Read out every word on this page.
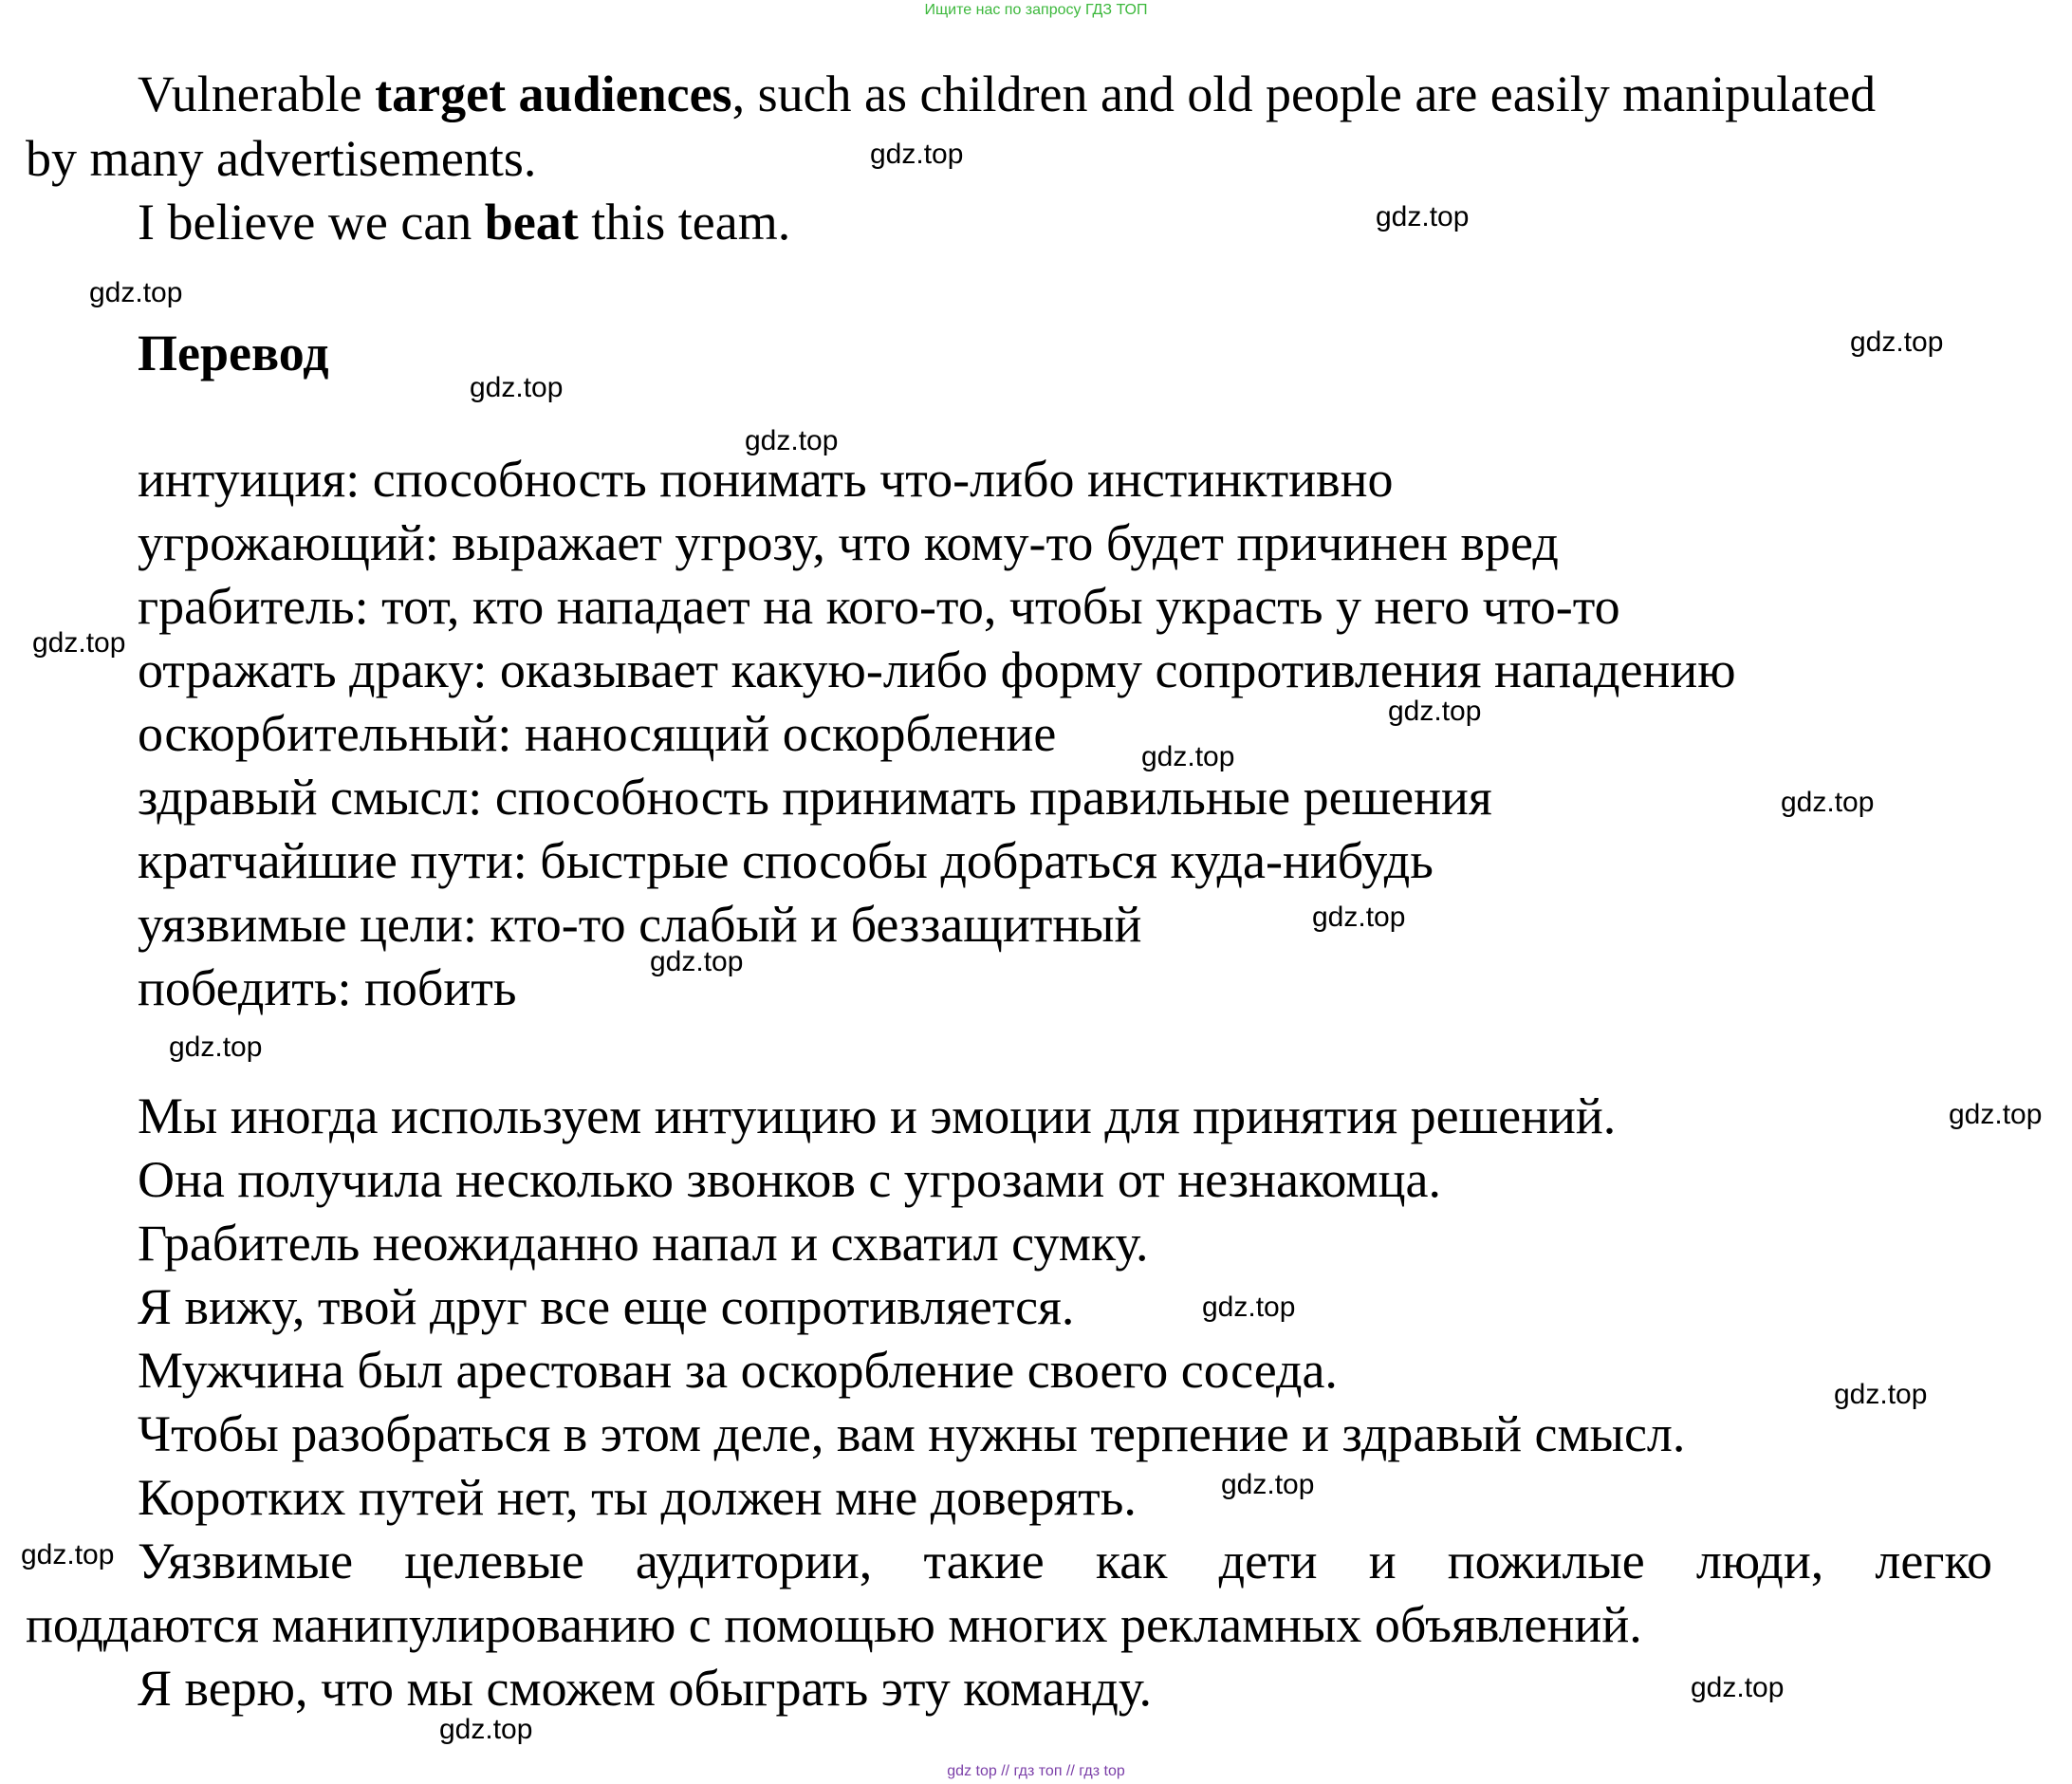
Ищите нас по запросу ГДЗ ТОП
Vulnerable target audiences, such as children and old people are easily manipulated
by many advertisements.
I believe we can beat this team.
Перевод
интуиция: способность понимать что-либо инстинктивно
угрожающий: выражает угрозу, что кому-то будет причинен вред
грабитель: тот, кто нападает на кого-то, чтобы украсть у него что-то
отражать драку: оказывает какую-либо форму сопротивления нападению
оскорбительный: наносящий оскорбление
здравый смысл: способность принимать правильные решения
кратчайшие пути: быстрые способы добраться куда-нибудь
уязвимые цели: кто-то слабый и беззащитный
победить: побить
Мы иногда используем интуицию и эмоции для принятия решений.
Она получила несколько звонков с угрозами от незнакомца.
Грабитель неожиданно напал и схватил сумку.
Я вижу, твой друг все еще сопротивляется.
Мужчина был арестован за оскорбление своего соседа.
Чтобы разобраться в этом деле, вам нужны терпение и здравый смысл.
Коротких путей нет, ты должен мне доверять.
Уязвимые целевые аудитории, такие как дети и пожилые люди, легко
поддаются манипулированию с помощью многих рекламных объявлений.
Я верю, что мы сможем обыграть эту команду.
gdz.top
gdz.top
gdz.top
gdz.top
gdz.top
gdz.top
gdz.top
gdz.top
gdz.top
gdz.top
gdz.top
gdz.top
gdz.top
gdz.top
gdz.top
gdz.top
gdz.top
gdz.top
gdz.top
gdz.top
gdz top // гдз топ // гдз top
